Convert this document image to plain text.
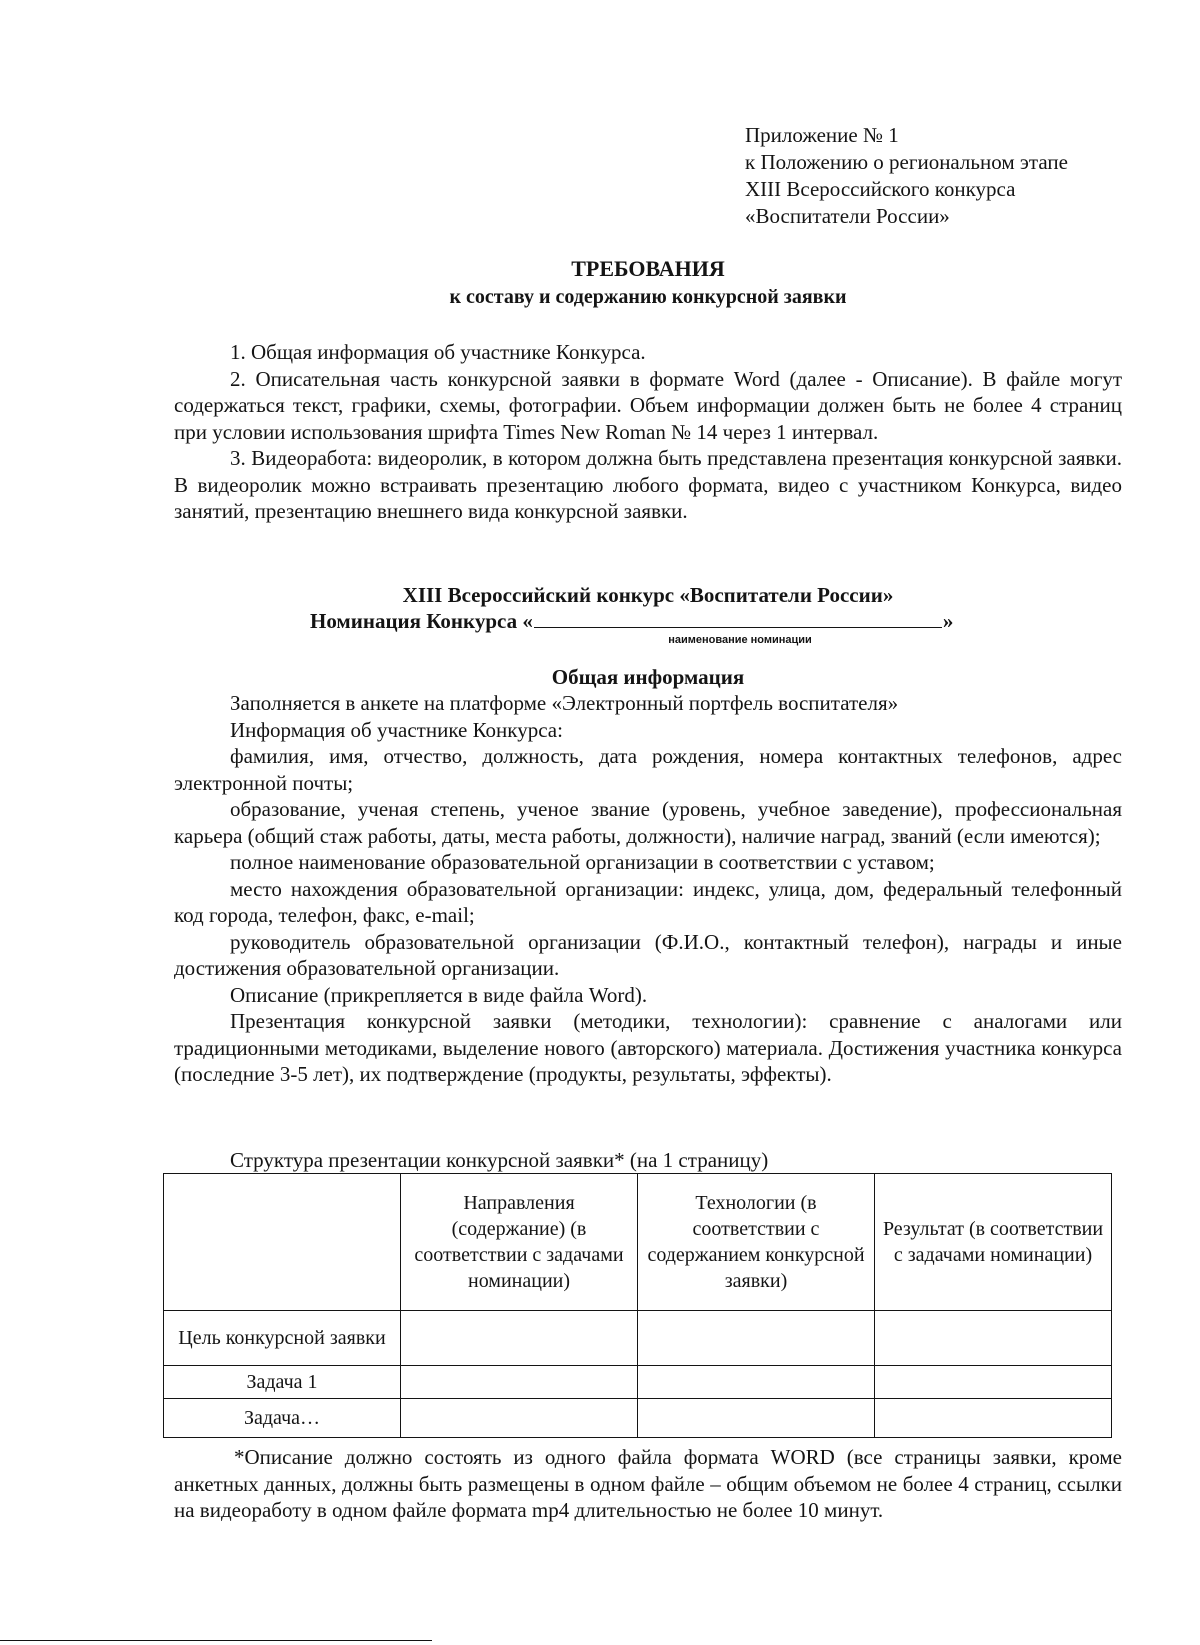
Приложение № 1
к Положению о региональном этапе
XIII Всероссийского конкурса
«Воспитатели России»
ТРЕБОВАНИЯ
к составу и содержанию конкурсной заявки

1. Общая информация об участнике Конкурса.

2. Описательная часть конкурсной заявки в формате Word (далее - Описание). В файле могут содержаться текст, графики, схемы, фотографии. Объем информации должен быть не более 4 страниц при условии использования шрифта Times New Roman № 14 через 1 интервал.

3. Видеоработа: видеоролик, в котором должна быть представлена презентация конкурсной заявки. В видеоролик можно встраивать презентацию любого формата, видео с участником Конкурса, видео занятий, презентацию внешнего вида конкурсной заявки.

XIII Всероссийский конкурс «Воспитатели России»
Номинация Конкурса «	»
наименование номинации
Общая информация

Заполняется в анкете на платформе «Электронный портфель воспитателя»

Информация об участнике Конкурса:

фамилия, имя, отчество, должность, дата рождения, номера контактных телефонов, адрес электронной почты;

образование, ученая степень, ученое звание (уровень, учебное заведение), профессиональная карьера (общий стаж работы, даты, места работы, должности), наличие наград, званий (если имеются);

полное наименование образовательной организации в соответствии с уставом;

место нахождения образовательной организации: индекс, улица, дом, федеральный телефонный код города, телефон, факс, e-mail;

руководитель образовательной организации (Ф.И.О., контактный телефон), награды и иные достижения образовательной организации.

Описание (прикрепляется в виде файла Word).

Презентация конкурсной заявки (методики, технологии): сравнение с аналогами или традиционными методиками, выделение нового (авторского) материала. Достижения участника конкурса (последние 3-5 лет), их подтверждение (продукты, результаты, эффекты).

Структура презентации конкурсной заявки* (на 1 страницу)
	Направления (содержание) (в соответствии с задачами номинации)	Технологии (в соответствии с содержанием конкурсной заявки)	Результат (в соответствии с задачами номинации)
Цель конкурсной заявки			
Задача 1			
Задача…			

*Описание должно состоять из одного файла формата WORD (все страницы заявки, кроме анкетных данных, должны быть размещены в одном файле – общим объемом не более 4 страниц, ссылки на видеоработу в одном файле формата mp4 длительностью не более 10 минут.
